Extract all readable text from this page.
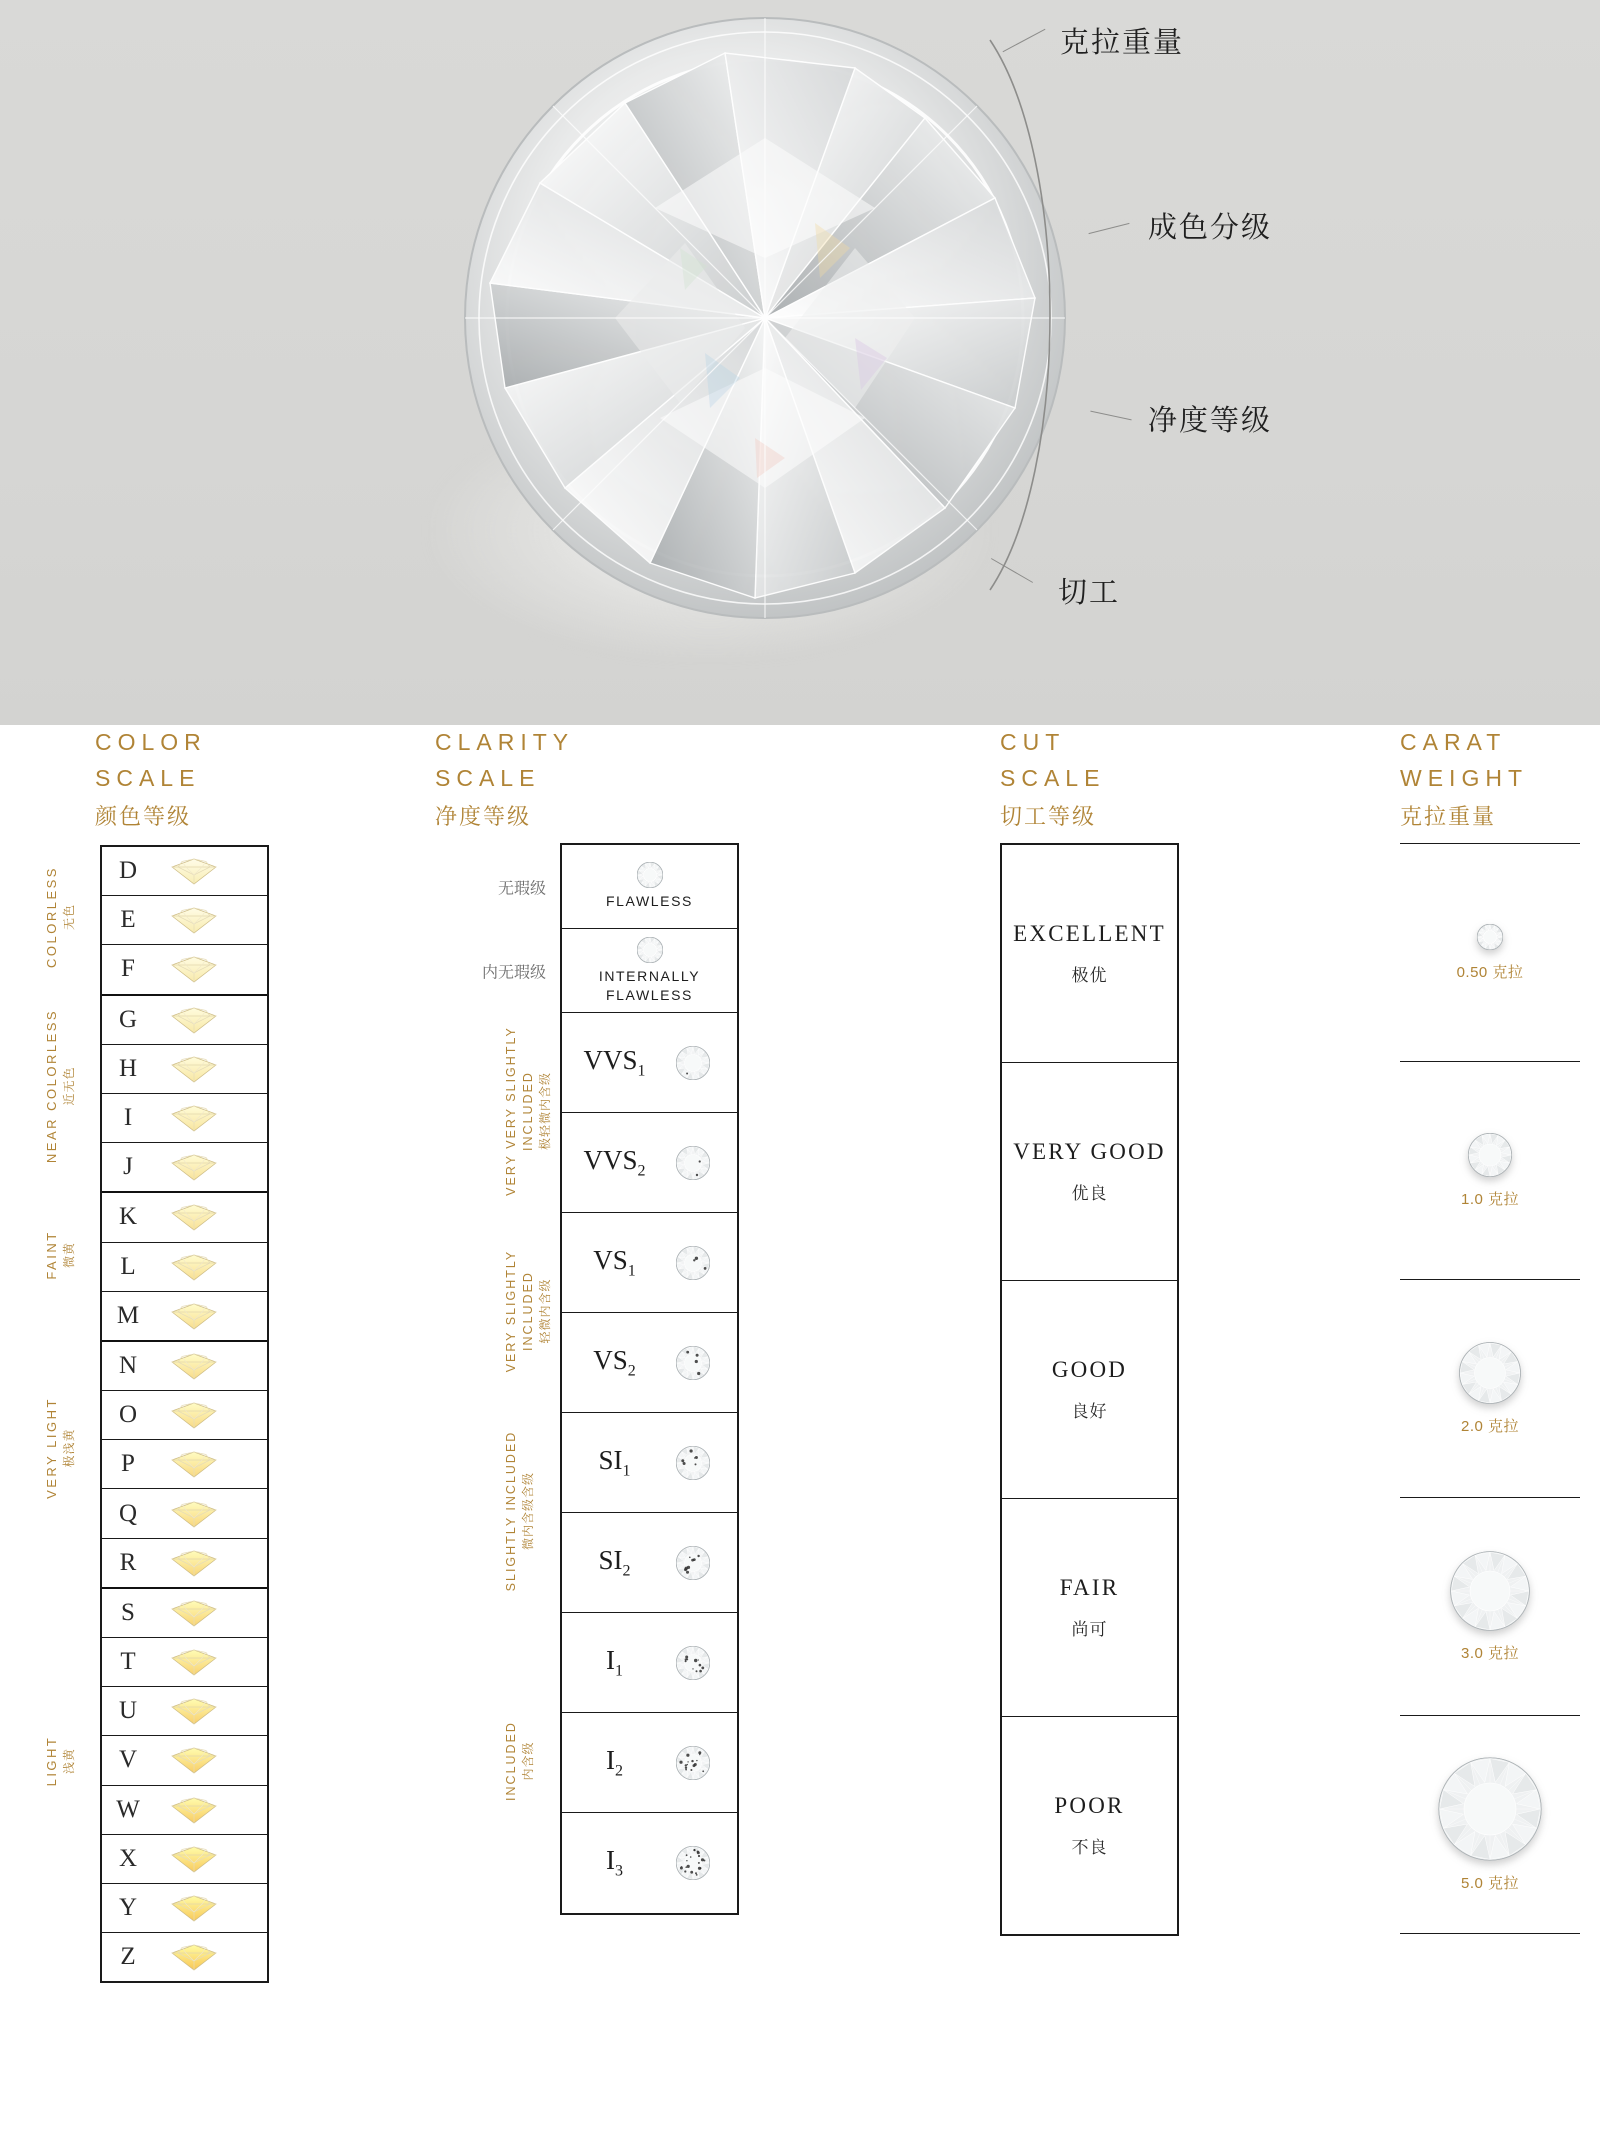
克拉重量
成色分级
净度等级
切工
COLOR
SCALE
颜色等级
D
E
F
G
H
I
J
K
L
M
N
O
P
Q
R
S
T
U
V
W
X
Y
Z
COLORLESS 无色
NEAR COLORLESS 近无色
FAINT 微黄
VERY LIGHT 极浅黄
LIGHT 浅黄
CLARITY
SCALE
净度等级
无瑕级
FLAWLESS
内无瑕级	INTERNALLY FLAWLESS
$VVS_1$
$VVS_2$
$VS_1$
$VS_2$
$SI_1$
$SI_2$
$I_1$
$I_2$
$I_3$
VERY VERY SLIGHTLY INCLUDED 极轻微内含级
VERY SLIGHTLY INCLUDED 轻微内含级
SLIGHTLY INCLUDED 微内含级含级
INCLUDED 内含级
CUT
SCALE
切工等级
EXCELLENT
极优
VERY GOOD
优良
GOOD
良好
FAIR
尚可
POOR
不良
CARAT
WEIGHT
克拉重量
0.50 克拉
1.0 克拉
2.0 克拉
3.0 克拉
5.0 克拉
